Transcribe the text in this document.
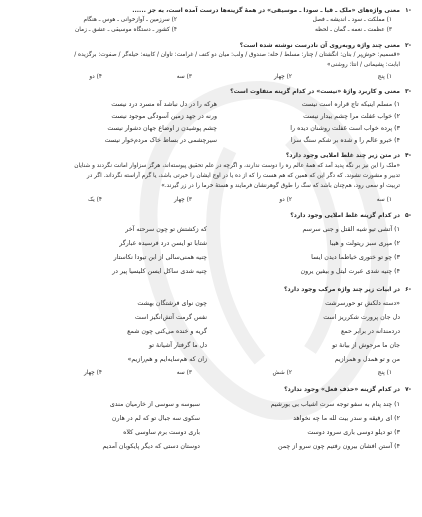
۱-
معنی واژه‌های «ملک ـ قبا ـ سودا ـ موسیقی» در همهٔ گزینه‌ها درست آمده است، به جز ......
۱) مملکت ـ سود ـ اندیشه ـ فصل
۲) سرزمین ـ آوازخوانی ـ هوس ـ هنگام
۳) عظمت ـ نغمه ـ گمان ـ لحظه
۴) کشور ـ دستگاه موسیقی ـ عشق ـ زمان
۲-
معنی چند واژه روبه‌روی آن نادرست نوشته شده است؟
«قسمیم: خوش‌پر / بنان: انگشتان / چنار: مسلط / خله: صندوق / ولب: میان دو کتف / غرامت: تاوان / کابینه: حیله‌گر / صفوت: برگزیده /
ابابت: پشیمانی / انتا: روشنی»
۱) پنج
۲) چهار
۳) سه
۴) دو
۳-
معنی و کاربرد واژهٔ «نیست» در کدام گزینه متفاوت است؟
۱) مسلم اینیکه تاج قراره است نیست
هرکه را در دل نباشد آه مسرد درد نیست
۲) خواب غفلت مرا چشم بیدار نیست
ورنه در جهد زمین آسودگی موجود نیست
۳) پرده خواب است غفلت روشنان دیده را
چشم پوشیدن ز اوضاع جهان دشوار نیست
۴) خبرو عالم را و شده بر شکم سنگ سزا
سیرچشمی در بساط خاک مردم‌خوار نیست
۴-
در متن زیر چند غلط املایی وجود دارد؟
«ملک را این نیز بر نگه پدید آمد که همهٔ عالم ره را دوست ندارند، و اگرچه در علم تحقیق پیوسته‌اند، هرگز سزاوار امانت نگردند و شنایان
تدبیر و مشورت نشوند. که دگر این که همین که هم هست را که از ده یا در اوج ایشان را خیرتی باشد، یا گرم آراسته نگرداند. اگر در
تربیت او سعی رود، هم‌چنان باشد که سگ را طوق گوهرنشان فرمایند و هستهٔ خرما را در زر گیرند.»
۱) سه
۲) دو
۳) چهار
۴) یک
۵-
در کدام گزینه غلط املایی وجود دارد؟
۱) آتشی تیو شیه القتل و جنی سرسم
که زکشتش تو چون سرحته آخر
۲) مپری سبز ریتولت و هیبا
شتابا تو ایسن درد فرسیده عبارگر
۳) چو تو ختوری خیاطما دیدن ایسا
چنیه همنی‌سالی از ابن تیودا نکاستار
۴) چنیه شدی عبرت لیتل و بیفین یرون
چنیه شدی ساکل ایسن کلیسیا پیر در
۶-
در ابیات زیر چند واژه مرکب وجود دارد؟
«دسته ‌دلکش تو حورسرشت
چون نوای فرشتگان بهشت
دل جان پرورت شکرریز است
نفس گرمت آتش‌انگیز است
دردمندانه در برابر حمع
گریه و خنده می‌کنی چون شمع
جان ما مرحوش از بیانهٔ تو
دل ما گرفتار آشیانهٔ تو
من و تو همدل و همرازیم
زان که هم‌سایه‌ایم و هم‌رازیم»
۱) پنج
۲) شش
۳) سه
۴) چهار
۷-
در کدام گزینه «حذف فعل» وجود ندارد؟
۱) چند پنام به سفو توجه سرت اشیاب بی بورشیم
سبوسه و سوسی از خارمیان مندی
۲) ای رفیقه و سدر بیت لله ما چه نخواهد
سکوی سه جبال تو که لم در هارن
۳) تو دیلو دوسی باری سرود دوست
باری دوست برم ساوسی کلاه
۴) آستن افشان بیرون رفتیم چون سرو از چمن
دوستان دستی که دیگر پایکوبان آمدیم
